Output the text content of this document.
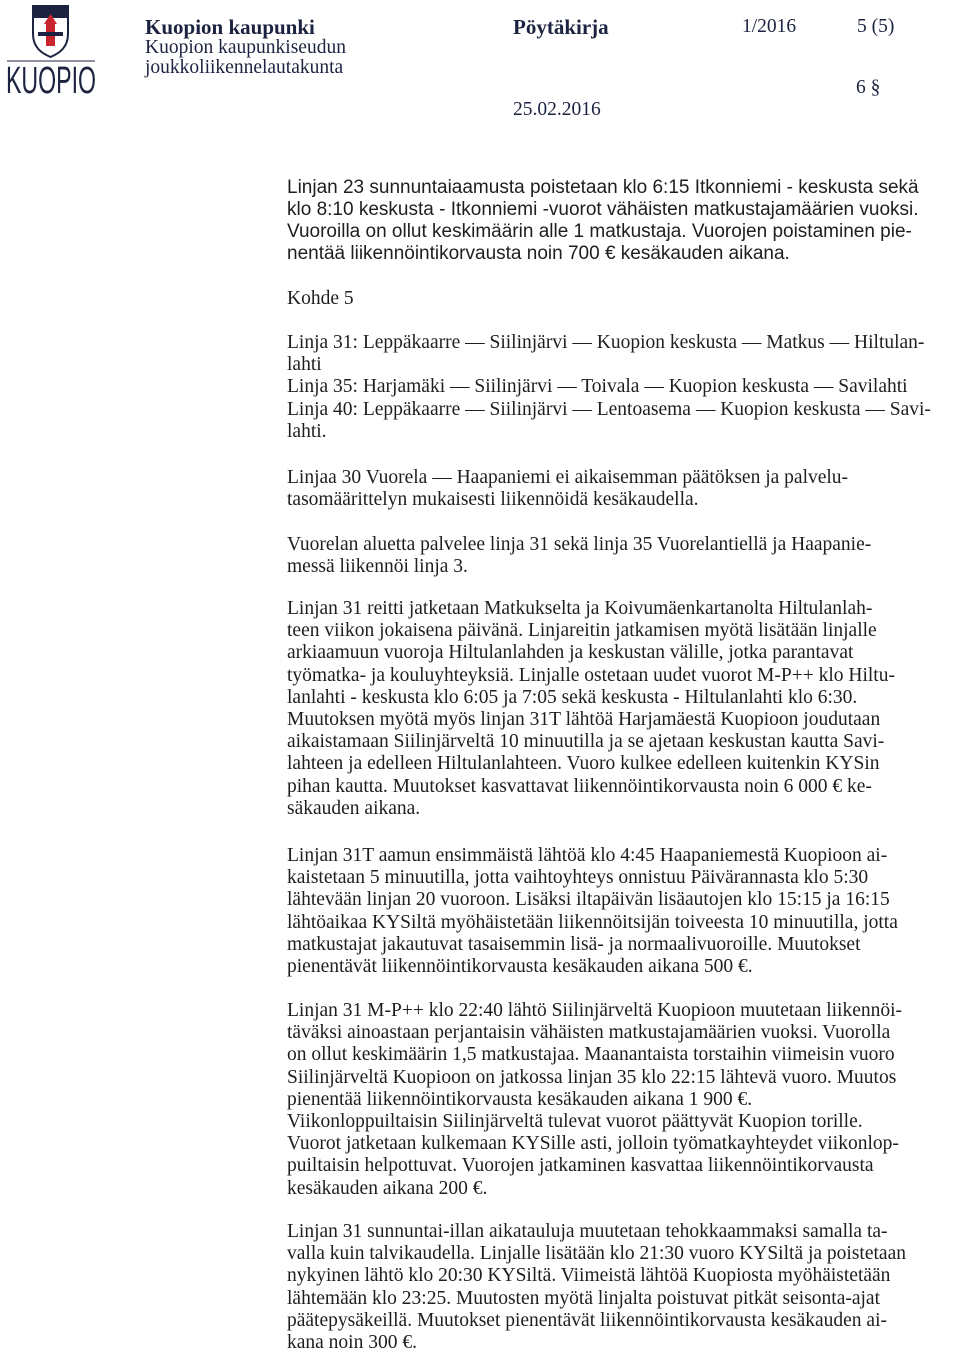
KUOPIO
Kuopion kaupunki
Kuopion kaupunkiseudun
joukkoliikennelautakunta
Pöytäkirja	1/2016	5 (5)
6 §
25.02.2016
Linjan 23 sunnuntaiaamusta poistetaan klo 6:15 Itkonniemi - keskusta sekä
klo 8:10 keskusta - Itkonniemi -vuorot vähäisten matkustajamäärien vuoksi.
Vuoroilla on ollut keskimäärin alle 1 matkustaja. Vuorojen poistaminen pie-
nentää liikennöintikorvausta noin 700 € kesäkauden aikana.
Kohde 5
Linja 31: Leppäkaarre — Siilinjärvi — Kuopion keskusta — Matkus — Hiltulan-
lahti
Linja 35: Harjamäki — Siilinjärvi — Toivala — Kuopion keskusta — Savilahti
Linja 40: Leppäkaarre — Siilinjärvi — Lentoasema — Kuopion keskusta — Savi-
lahti.
Linjaa 30 Vuorela — Haapaniemi ei aikaisemman päätöksen ja palvelu-
tasomäärittelyn mukaisesti liikennöidä kesäkaudella.
Vuorelan aluetta palvelee linja 31 sekä linja 35 Vuorelantiellä ja Haapanie-
messä liikennöi linja 3.
Linjan 31 reitti jatketaan Matkukselta ja Koivumäenkartanolta Hiltulanlah-
teen viikon jokaisena päivänä. Linjareitin jatkamisen myötä lisätään linjalle
arkiaamuun vuoroja Hiltulanlahden ja keskustan välille, jotka parantavat
työmatka- ja kouluyhteyksiä. Linjalle ostetaan uudet vuorot M-P++ klo Hiltu-
lanlahti - keskusta klo 6:05 ja 7:05 sekä keskusta - Hiltulanlahti klo 6:30.
Muutoksen myötä myös linjan 31T lähtöä Harjamäestä Kuopioon joudutaan
aikaistamaan Siilinjärveltä 10 minuutilla ja se ajetaan keskustan kautta Savi-
lahteen ja edelleen Hiltulanlahteen. Vuoro kulkee edelleen kuitenkin KYSin
pihan kautta. Muutokset kasvattavat liikennöintikorvausta noin 6 000 € ke-
säkauden aikana.
Linjan 31T aamun ensimmäistä lähtöä klo 4:45 Haapaniemestä Kuopioon ai-
kaistetaan 5 minuutilla, jotta vaihtoyhteys onnistuu Päivärannasta klo 5:30
lähtevään linjan 20 vuoroon. Lisäksi iltapäivän lisäautojen klo 15:15 ja 16:15
lähtöaikaa KYSiltä myöhäistetään liikennöitsijän toiveesta 10 minuutilla, jotta
matkustajat jakautuvat tasaisemmin lisä- ja normaalivuoroille. Muutokset
pienentävät liikennöintikorvausta kesäkauden aikana 500 €.
Linjan 31 M-P++ klo 22:40 lähtö Siilinjärveltä Kuopioon muutetaan liikennöi-
täväksi ainoastaan perjantaisin vähäisten matkustajamäärien vuoksi. Vuorolla
on ollut keskimäärin 1,5 matkustajaa. Maanantaista torstaihin viimeisin vuoro
Siilinjärveltä Kuopioon on jatkossa linjan 35 klo 22:15 lähtevä vuoro. Muutos
pienentää liikennöintikorvausta kesäkauden aikana 1 900 €.
Viikonloppuiltaisin Siilinjärveltä tulevat vuorot päättyvät Kuopion torille.
Vuorot jatketaan kulkemaan KYSille asti, jolloin työmatkayhteydet viikonlop-
puiltaisin helpottuvat. Vuorojen jatkaminen kasvattaa liikennöintikorvausta
kesäkauden aikana 200 €.
Linjan 31 sunnuntai-illan aikatauluja muutetaan tehokkaammaksi samalla ta-
valla kuin talvikaudella. Linjalle lisätään klo 21:30 vuoro KYSiltä ja poistetaan
nykyinen lähtö klo 20:30 KYSiltä. Viimeistä lähtöä Kuopiosta myöhäistetään
lähtemään klo 23:25. Muutosten myötä linjalta poistuvat pitkät seisonta-ajat
päätepysäkeillä. Muutokset pienentävät liikennöintikorvausta kesäkauden ai-
kana noin 300 €.
